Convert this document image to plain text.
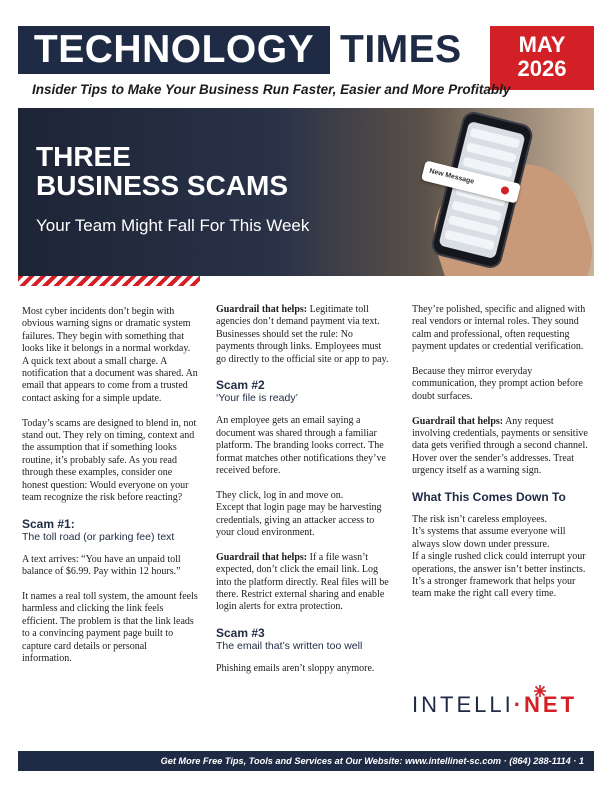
TECHNOLOGY TIMES	MAY
2026
Insider Tips to Make Your Business Run Faster, Easier and More Profitably
New Message
THREE
BUSINESS SCAMS
Your Team Might Fall For This Week

Most cyber incidents don’t begin with obvious warning signs or dramatic system failures. They begin with something that looks like it belongs in a normal workday. A quick text about a small charge. A notification that a document was shared. An email that appears to come from a trusted contact asking for a simple update.

Today’s scams are designed to blend in, not stand out. They rely on timing, context and the assumption that if something looks routine, it’s probably safe. As you read through these examples, consider one honest question: Would everyone on your team recognize the risk before reacting?

Scam #1:
The toll road (or parking fee) text

A text arrives: “You have an unpaid toll balance of $6.99. Pay within 12 hours.”

It names a real toll system, the amount feels harmless and clicking the link feels efficient. The problem is that the link leads to a convincing payment page built to capture card details or personal information.

Guardrail that helps: Legitimate toll agencies don’t demand payment via text. Businesses should set the rule: No payments through links. Employees must go directly to the official site or app to pay.

Scam #2
‘Your file is ready’

An employee gets an email saying a document was shared through a familiar platform. The branding looks correct. The format matches other notifications they’ve received before.

They click, log in and move on.
Except that login page may be harvesting credentials, giving an attacker access to your cloud environment.

Guardrail that helps: If a file wasn’t expected, don’t click the email link. Log into the platform directly. Real files will be there. Restrict external sharing and enable login alerts for extra protection.

Scam #3
The email that’s written too well

Phishing emails aren’t sloppy anymore.

They’re polished, specific and aligned with real vendors or internal roles. They sound calm and professional, often requesting payment updates or credential verification.

Because they mirror everyday communication, they prompt action before doubt surfaces.

Guardrail that helps: Any request involving credentials, payments or sensitive data gets verified through a second channel. Hover over the sender’s addresses. Treat urgency itself as a warning sign.

What This Comes Down To

The risk isn’t careless employees.
It’s systems that assume everyone will always slow down under pressure.
If a single rushed click could interrupt your operations, the answer isn’t better instincts. It’s a stronger framework that helps your team make the right call every time.

INTELLI·NET
Get More Free Tips, Tools and Services at Our Website: www.intellinet-sc.com · (864) 288-1114 · 1
